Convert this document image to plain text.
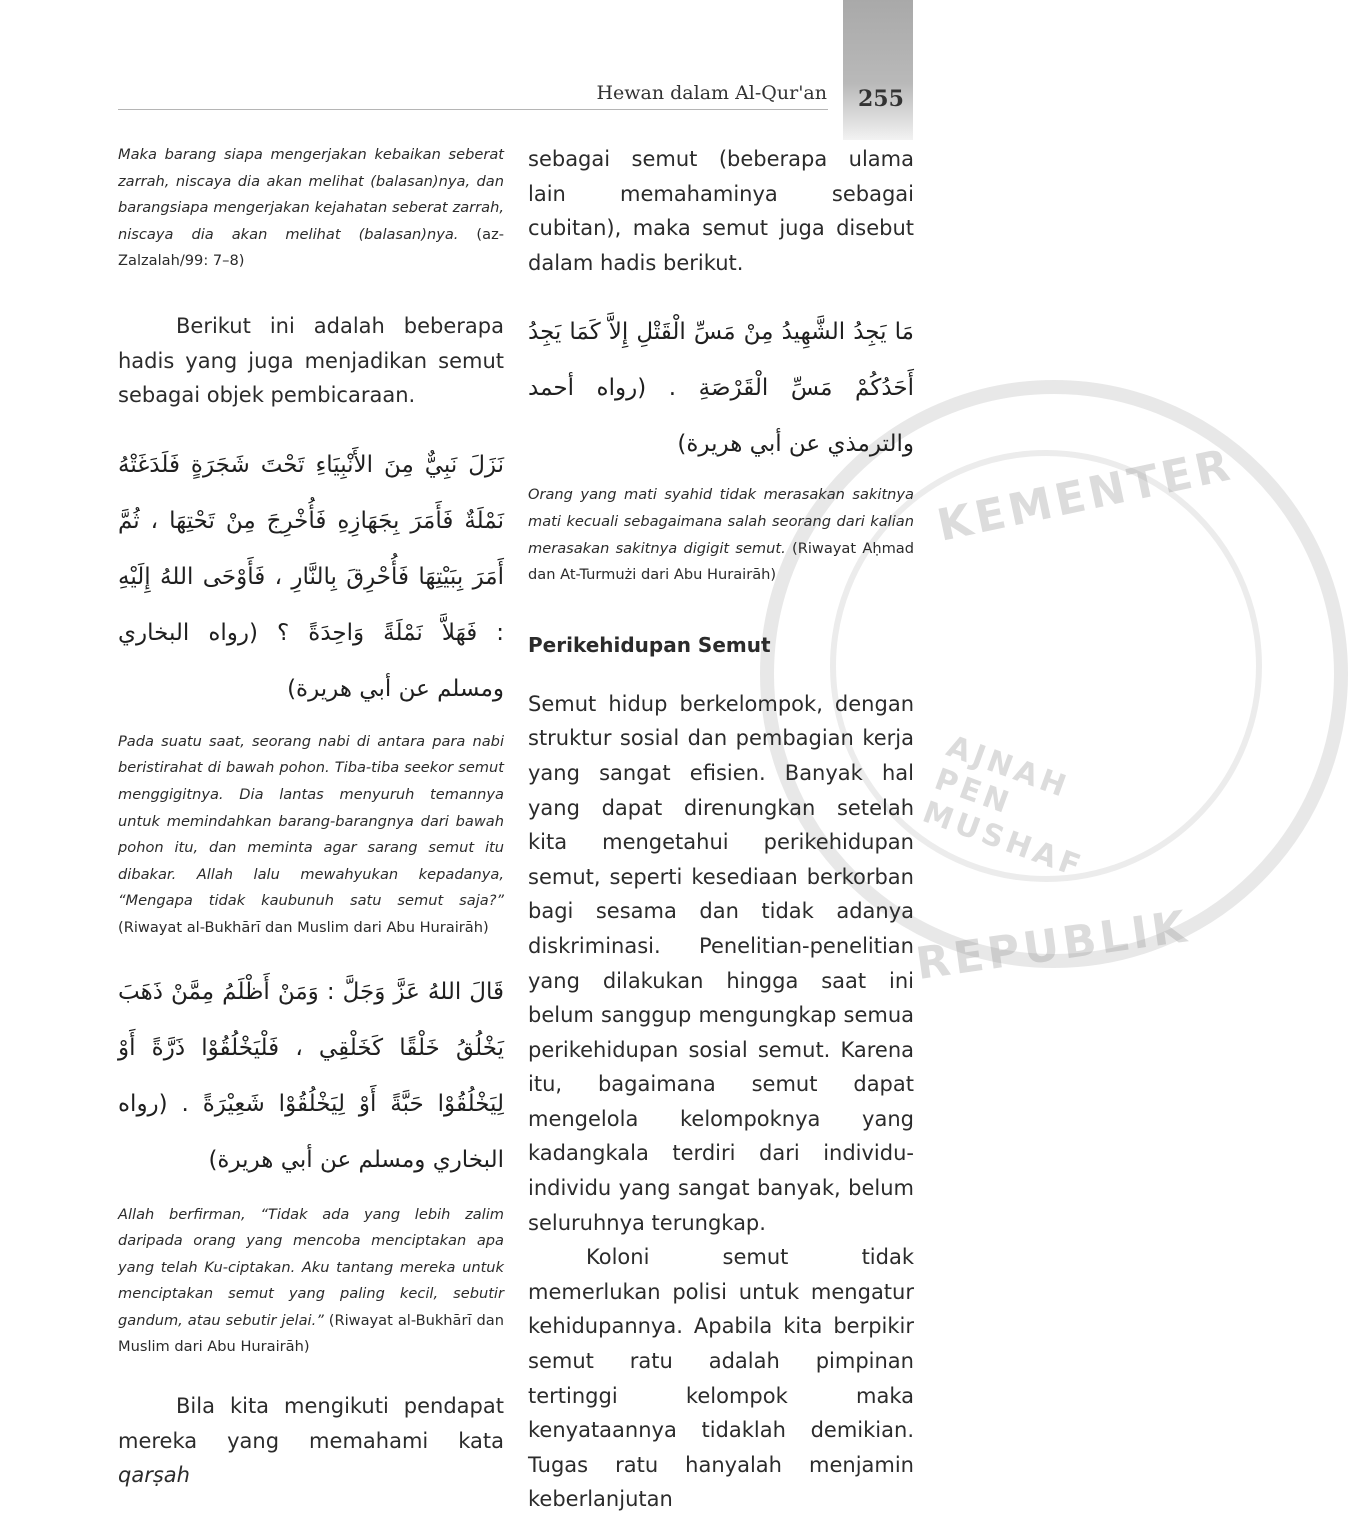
Hewan dalam Al-Qur'an 255
KEMENTER
AJNAH PEN MUSHAF
REPUBLIK

Maka barang siapa mengerjakan kebaikan seberat zarrah, niscaya dia akan melihat (balasan)nya, dan barangsiapa mengerjakan kejahatan seberat zarrah, niscaya dia akan melihat (balasan)nya. (az-Zalzalah/99: 7–8)

Berikut ini adalah beberapa hadis yang juga menjadikan semut sebagai objek pembicaraan.

نَزَلَ نَبِيٌّ مِنَ الأَنْبِيَاءِ تَحْتَ شَجَرَةٍ فَلَدَغَتْهُ نَمْلَةٌ فَأَمَرَ بِجَهَازِهِ فَأُخْرِجَ مِنْ تَحْتِهَا ، ثُمَّ أَمَرَ بِبَيْتِهَا فَأُحْرِقَ بِالنَّارِ ، فَأَوْحَى اللهُ إِلَيْهِ : فَهَلاَّ نَمْلَةً وَاحِدَةً ؟ (رواه البخاري ومسلم عن أبي هريرة)

Pada suatu saat, seorang nabi di antara para nabi beristirahat di bawah pohon. Tiba-tiba seekor semut menggigitnya. Dia lantas menyuruh temannya untuk memindahkan barang-barangnya dari bawah pohon itu, dan meminta agar sarang semut itu dibakar. Allah lalu mewahyukan kepadanya, “Mengapa tidak kaubunuh satu semut saja?” (Riwayat al-Bukhārī dan Muslim dari Abu Hurairāh)

قَالَ اللهُ عَزَّ وَجَلَّ : وَمَنْ أَظْلَمُ مِمَّنْ ذَهَبَ يَخْلُقُ خَلْقًا كَخَلْقِي ، فَلْيَخْلُقُوْا ذَرَّةً أَوْ لِيَخْلُقُوْا حَبَّةً أَوْ لِيَخْلُقُوْا شَعِيْرَةً . (رواه البخاري ومسلم عن أبي هريرة)

Allah berfirman, “Tidak ada yang lebih zalim daripada orang yang mencoba menciptakan apa yang telah Ku-ciptakan. Aku tantang mereka untuk menciptakan semut yang paling kecil, sebutir gandum, atau sebutir jelai.” (Riwayat al-Bukhārī dan Muslim dari Abu Hurairāh)

Bila kita mengikuti pendapat mereka yang memahami kata qarṣah

sebagai semut (beberapa ulama lain memahaminya sebagai cubitan), maka semut juga disebut dalam hadis berikut.

مَا يَجِدُ الشَّهِيدُ مِنْ مَسِّ الْقَتْلِ إِلاَّ كَمَا يَجِدُ أَحَدُكُمْ مَسِّ الْقَرْصَةِ . (رواه أحمد والترمذي عن أبي هريرة)

Orang yang mati syahid tidak merasakan sakitnya mati kecuali sebagaimana salah seorang dari kalian merasakan sakitnya digigit semut. (Riwayat Aḥmad dan At-Turmużi dari Abu Hurairāh)

Perikehidupan Semut

Semut hidup berkelompok, dengan struktur sosial dan pembagian kerja yang sangat efisien. Banyak hal yang dapat direnungkan setelah kita mengetahui perikehidupan semut, seperti kesediaan berkorban bagi sesama dan tidak adanya diskriminasi. Penelitian-penelitian yang dilakukan hingga saat ini belum sanggup mengungkap semua perikehidupan sosial semut. Karena itu, bagaimana semut dapat mengelola kelompoknya yang kadangkala terdiri dari individu-individu yang sangat banyak, belum seluruhnya terungkap.

Koloni semut tidak memerlukan polisi untuk mengatur kehidupannya. Apabila kita berpikir semut ratu adalah pimpinan tertinggi kelompok maka kenyataannya tidaklah demikian. Tugas ratu hanyalah menjamin keberlanjutan
